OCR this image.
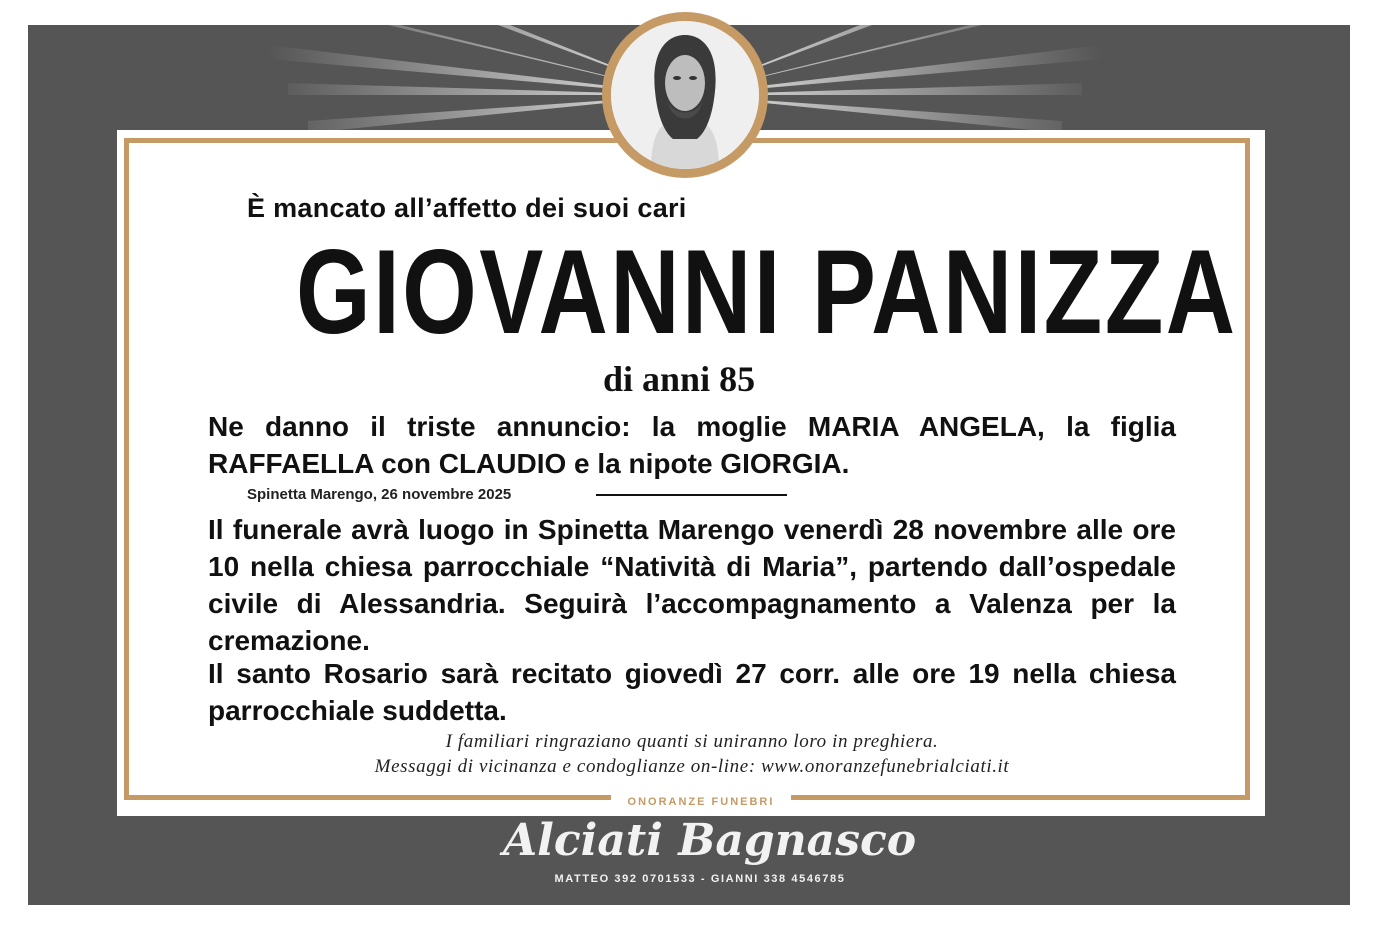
È mancato all’affetto dei suoi cari
GIOVANNI PANIZZA
di anni 85
Ne danno il triste annuncio: la moglie MARIA ANGELA, la figlia RAFFAELLA con CLAUDIO e la nipote GIORGIA.
Spinetta Marengo, 26 novembre 2025
Il funerale avrà luogo in Spinetta Marengo venerdì 28 novembre alle ore 10 nella chiesa parrocchiale “Natività di Maria”, partendo dall’ospedale civile di Alessandria. Seguirà l’accompagnamento a Valenza per la cremazione.
Il santo Rosario sarà recitato giovedì 27 corr. alle ore 19 nella chiesa parrocchiale suddetta.
I familiari ringraziano quanti si uniranno loro in preghiera.
Messaggi di vicinanza e condoglianze on-line: www.onoranzefunebrialciati.it
ONORANZE FUNEBRI
Alciati Bagnasco
MATTEO 392 0701533 - GIANNI 338 4546785
